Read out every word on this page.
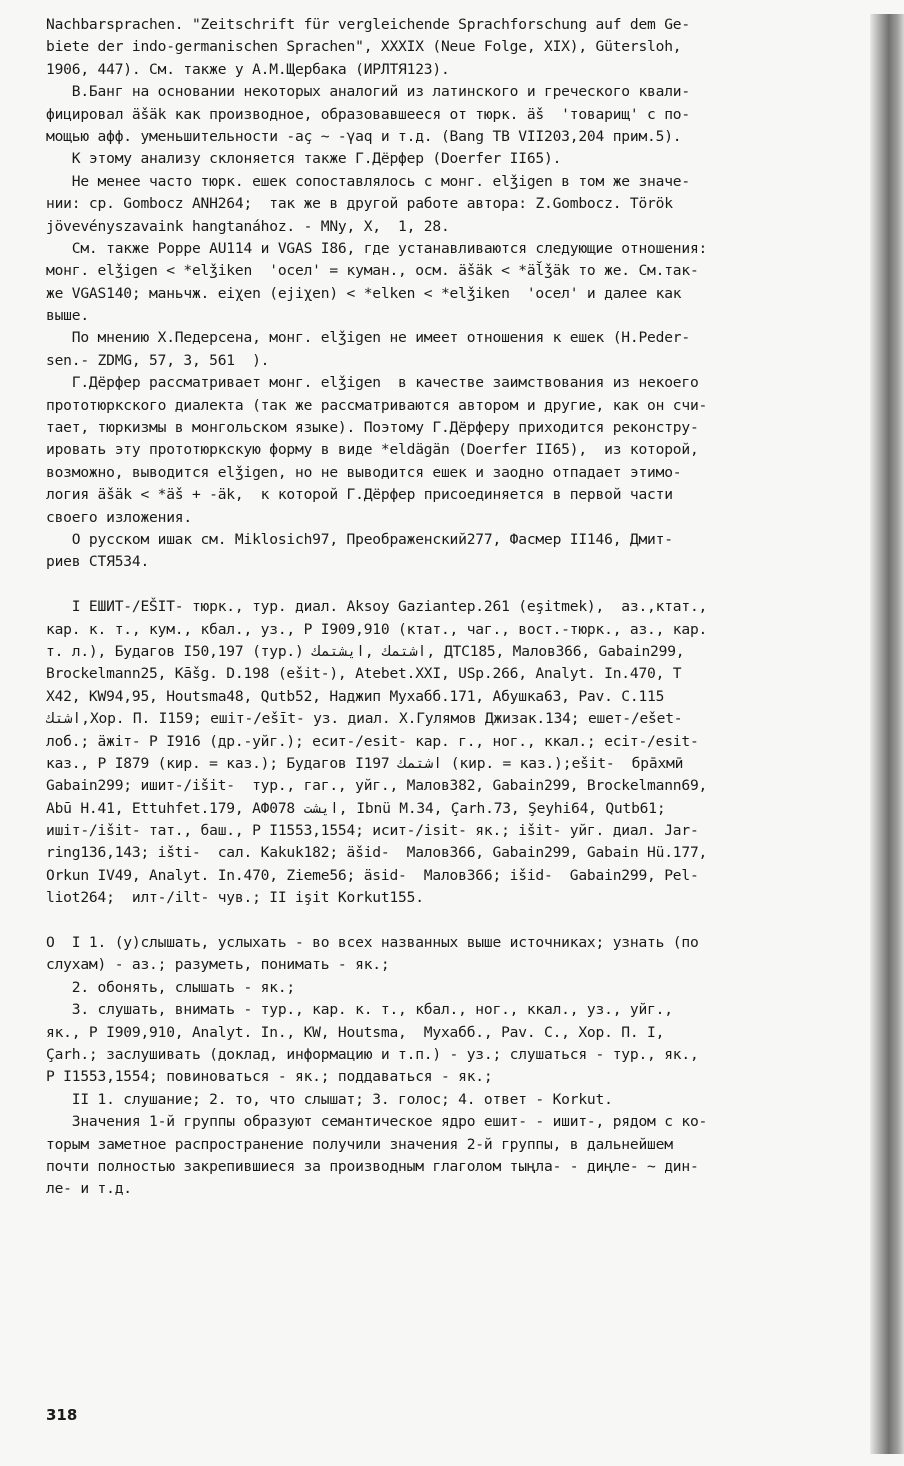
Nachbarsprachen. "Zeitschrift für vergleichende Sprachforschung auf dem Ge-
biete der indo-germanischen Sprachen", XXXIX (Neue Folge, XIX), Gütersloh,
1906, 447). См. также у А.М.Щербака (ИРЛТЯ123).
В.Банг на основании некоторых аналогий из латинского и греческого квали-
фицировал äšäk как производное, образовавшееся от тюрк. äš  'товарищ' с по-
мощью афф. уменьшительности -aç ~ -γaq и т.д. (Bang TB VII203,204 прим.5).
К этому анализу склоняется также Г.Дёрфер (Doerfer II65).
Не менее часто тюрк. ешек сопоставлялось с монг. elǯigen в том же значе-
нии: ср. Gombocz ANH264;  так же в другой работе автора: Z.Gombocz. Török
jövevényszavaink hangtanához. - MNy, X,  1, 28.
См. также Poppe AU114 и VGAS I86, где устанавливаются следующие отношения:
монг. elǯigen < *elǯiken  'осел' = куман., осм. äšäk < *äl̆ǯäk то же. См.так-
же VGAS140; маньчж. eiχen (ejiχen) < *elken < *elǯiken  'осел' и далее как
выше.
По мнению Х.Педерсена, монг. elǯigen не имеет отношения к ешек (H.Peder-
sen.- ZDMG, 57, 3, 561  ).
Г.Дёрфер рассматривает монг. elǯigen  в качестве заимствования из некоего
прототюркского диалекта (так же рассматриваются автором и другие, как он счи-
тает, тюркизмы в монгольском языке). Поэтому Г.Дёрферу приходится реконстру-
ировать эту прототюркскую форму в виде *eldägän (Doerfer II65),  из которой,
возможно, выводится elǯigen, но не выводится ешек и заодно отпадает этимо-
логия äšäk < *äš + -äk,  к которой Г.Дёрфер присоединяется в первой части
своего изложения.
О русском ишак см. Miklosich97, Преображенский277, Фасмер II146, Дмит-
риев СТЯ534.
I ЕШИТ-/EŠIT- тюрк., тур. диал. Aksoy Gaziantep.261 (eşitmek),  аз.,ктат.,
кар. к. т., кум., кбал., уз., Р I909,910 (ктат., чаг., вост.-тюрк., аз., кар.
т. л.), Будагов I50,197 (тур.) اشتمك ,ايشتمك, ДТС185, Малов366, Gabain299,
Brockelmann25, Kāšg. D.198 (ešit-), Atebet.XXI, USp.266, Analyt. In.470, T
X42, KW94,95, Houtsma48, Qutb52, Наджип Мухабб.171, Абушка63, Pav. C.115
اشتك,Хор. П. I159; ешiт-/ešīt- уз. диал. Х.Гулямов Джизак.134; ешет-/ešet-
лоб.; äжiт- Р I916 (др.-уйг.); есит-/esit- кар. г., ног., ккал.; есiт-/esit-
каз., Р I879 (кир. = каз.); Будагов I197 اشتمك (кир. = каз.);ešit-  бра̄хмӣ
Gabain299; ишит-/išit-  тур., гаг., уйг., Малов382, Gabain299, Brockelmann69,
Abū H.41, Ettuhfet.179, АФ078 ايشت, Ibnü M.34, Çarh.73, Şeyhi64, Qutb61;
ишiт-/išit- тат., баш., Р I1553,1554; исит-/isit- як.; išit- уйг. диал. Jar-
ring136,143; išti-  сал. Kakuk182; äšid-  Малов366, Gabain299, Gabain Hü.177,
Orkun IV49, Analyt. In.470, Zieme56; äsid-  Малов366; išid-  Gabain299, Pel-
liot264;  илт-/ilt- чув.; II işit Korkut155.
О  I 1. (у)слышать, услыхать - во всех названных выше источниках; узнать (по
слухам) - аз.; разуметь, понимать - як.;
2. обонять, слышать - як.;
3. слушать, внимать - тур., кар. к. т., кбал., ног., ккал., уз., уйг.,
як., Р I909,910, Analyt. In., KW, Houtsma,  Мухабб., Pav. C., Хор. П. I,
Çarh.; заслушивать (доклад, информацию и т.п.) - уз.; слушаться - тур., як.,
Р I1553,1554; повиноваться - як.; поддаваться - як.;
II 1. слушание; 2. то, что слышат; 3. голос; 4. ответ - Korkut.
Значения 1-й группы образуют семантическое ядро ешит- - ишит-, рядом с ко-
торым заметное распространение получили значения 2-й группы, в дальнейшем
почти полностью закрепившиеся за производным глаголом тыңла- - диңле- ~ дин-
ле- и т.д.
318
